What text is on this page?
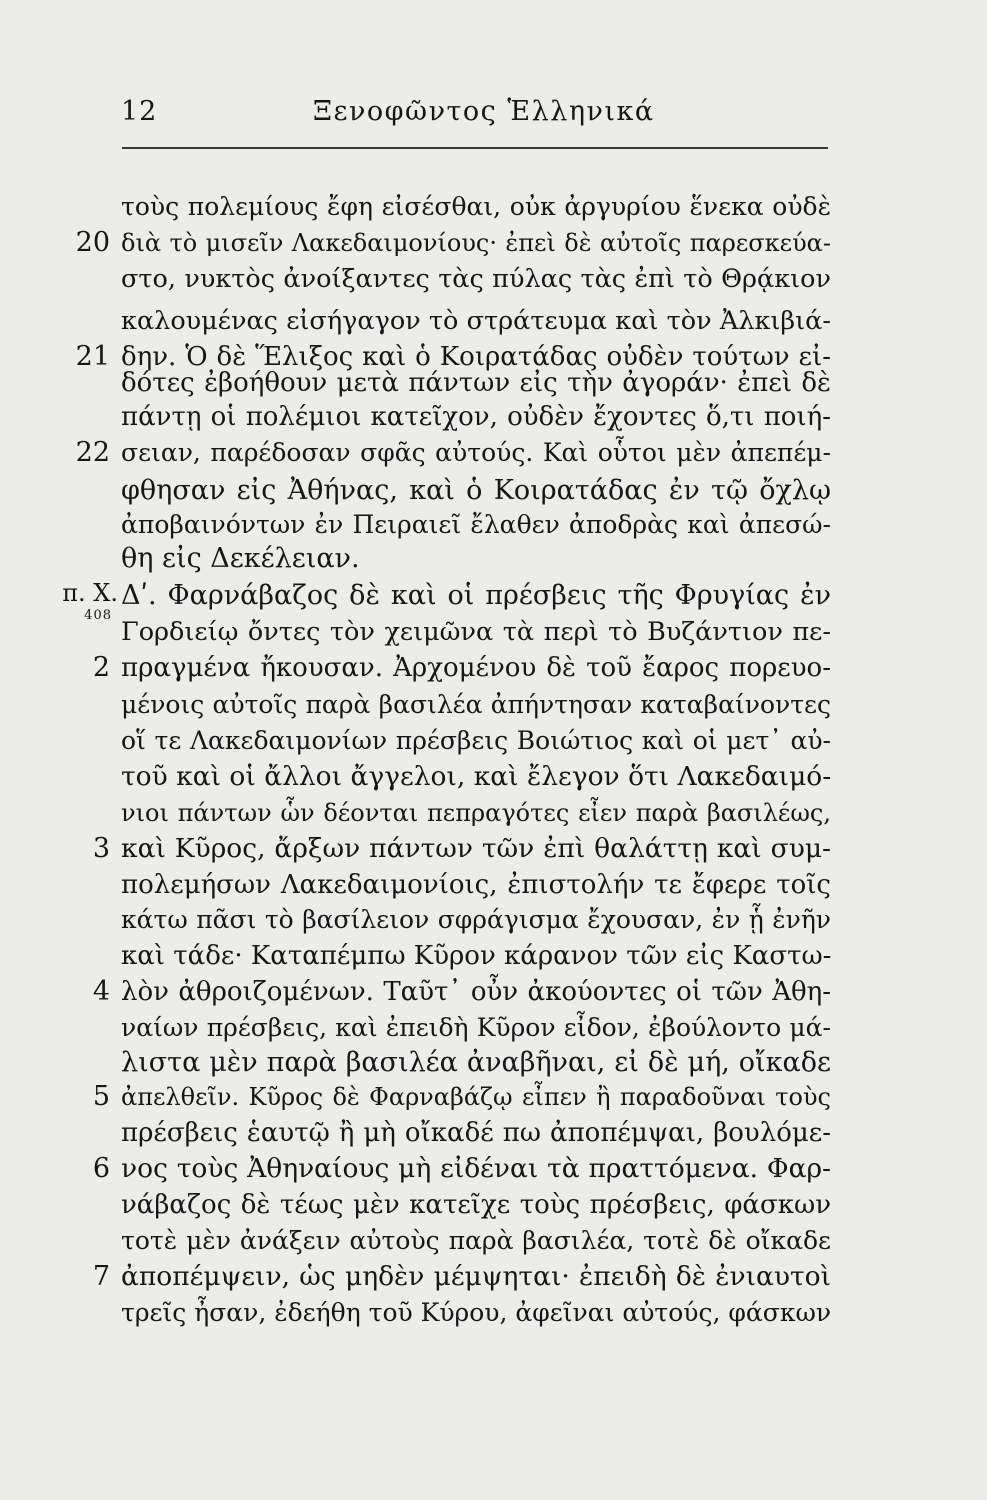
12	Ξενοφῶντος Ἑλληνικά
20
21
22
π. Χ.
408
2
3
4
5
6
7
τοὺς πολεμίους ἔφη εἰσέσθαι, οὐκ ἀργυρίου ἕνεκα οὐδὲ
διὰ τὸ μισεῖν Λακεδαιμονίους· ἐπεὶ δὲ αὐτοῖς παρεσκεύα-
στο, νυκτὸς ἀνοίξαντες τὰς πύλας τὰς ἐπὶ τὸ Θρᾴκιον
καλουμένας εἰσήγαγον τὸ στράτευμα καὶ τὸν Ἀλκιβιά-
δην. Ὁ δὲ Ἕλιξος καὶ ὁ Κοιρατάδας οὐδὲν τούτων εἰ-
δότες ἐβοήθουν μετὰ πάντων εἰς τὴν ἀγοράν· ἐπεὶ δὲ
πάντῃ οἱ πολέμιοι κατεῖχον, οὐδὲν ἔχοντες ὅ,τι ποιή-
σειαν, παρέδοσαν σφᾶς αὐτούς. Καὶ οὗτοι μὲν ἀπεπέμ-
φθησαν εἰς Ἀθήνας, καὶ ὁ Κοιρατάδας ἐν τῷ ὄχλῳ
ἀποβαινόντων ἐν Πειραιεῖ ἔλαθεν ἀποδρὰς καὶ ἀπεσώ-
θη εἰς Δεκέλειαν.
Δʹ. Φαρνάβαζος δὲ καὶ οἱ πρέσβεις τῆς Φρυγίας ἐν
Γορδιείῳ ὄντες τὸν χειμῶνα τὰ περὶ τὸ Βυζάντιον πε-
πραγμένα ἤκουσαν. Ἀρχομένου δὲ τοῦ ἔαρος πορευο-
μένοις αὐτοῖς παρὰ βασιλέα ἀπήντησαν καταβαίνοντες
οἵ τε Λακεδαιμονίων πρέσβεις Βοιώτιος καὶ οἱ μετ᾽ αὐ-
τοῦ καὶ οἱ ἄλλοι ἄγγελοι, καὶ ἔλεγον ὅτι Λακεδαιμό-
νιοι πάντων ὧν δέονται πεπραγότες εἶεν παρὰ βασιλέως,
καὶ Κῦρος, ἄρξων πάντων τῶν ἐπὶ θαλάττῃ καὶ συμ-
πολεμήσων Λακεδαιμονίοις, ἐπιστολήν τε ἔφερε τοῖς
κάτω πᾶσι τὸ βασίλειον σφράγισμα ἔχουσαν, ἐν ᾗ ἐνῆν
καὶ τάδε· Καταπέμπω Κῦρον κάρανον τῶν εἰς Καστω-
λὸν ἀθροιζομένων. Ταῦτ᾽ οὖν ἀκούοντες οἱ τῶν Ἀθη-
ναίων πρέσβεις, καὶ ἐπειδὴ Κῦρον εἶδον, ἐβούλοντο μά-
λιστα μὲν παρὰ βασιλέα ἀναβῆναι, εἰ δὲ μή, οἴκαδε
ἀπελθεῖν. Κῦρος δὲ Φαρναβάζῳ εἶπεν ἢ παραδοῦναι τοὺς
πρέσβεις ἑαυτῷ ἢ μὴ οἴκαδέ πω ἀποπέμψαι, βουλόμε-
νος τοὺς Ἀθηναίους μὴ εἰδέναι τὰ πραττόμενα. Φαρ-
νάβαζος δὲ τέως μὲν κατεῖχε τοὺς πρέσβεις, φάσκων
τοτὲ μὲν ἀνάξειν αὐτοὺς παρὰ βασιλέα, τοτὲ δὲ οἴκαδε
ἀποπέμψειν, ὡς μηδὲν μέμψηται· ἐπειδὴ δὲ ἐνιαυτοὶ
τρεῖς ἦσαν, ἐδεήθη τοῦ Κύρου, ἀφεῖναι αὐτούς, φάσκων
